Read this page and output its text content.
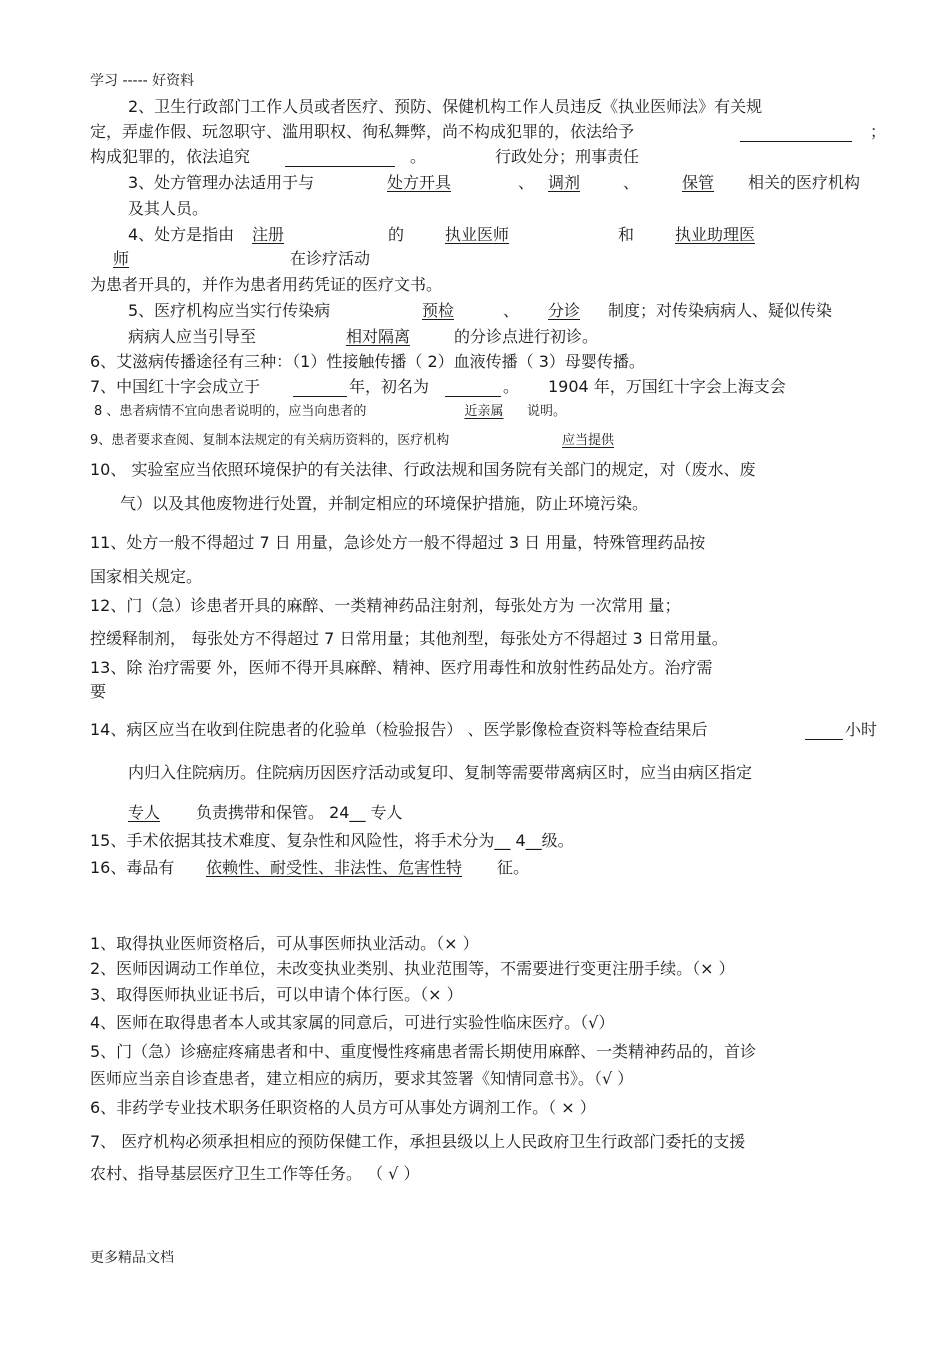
学习 ----- 好资料
2、卫生行政部门工作人员或者医疗、预防、保健机构工作人员违反《执业医师法》有关规
定，弄虚作假、玩忽职守、滥用职权、徇私舞弊，尚不构成犯罪的，依法给予	；
构成犯罪的，依法追究	。	行政处分；刑事责任
3、处方管理办法适用于与	处方开具	、 调剂	、	保管	相关的医疗机构
及其人员。
4、处方是指由 注册	的	执业医师	和	执业助理医
师	在诊疗活动
为患者开具的，并作为患者用药凭证的医疗文书。
5、医疗机构应当实行传染病	预检	、	分诊	制度；对传染病病人、疑似传染
病病人应当引导至	相对隔离	的分诊点进行初诊。
6、艾滋病传播途径有三种：（1）性接触传播（ 2）血液传播（ 3）母婴传播。
7、中国红十字会成立于	年，初名为	。 1904 年，万国红十字会上海支会
8 、患者病情不宜向患者说明的，应当向患者的	近亲属	说明。
9、患者要求查阅、复制本法规定的有关病历资料的，医疗机构	应当提供
10、 实验室应当依照环境保护的有关法律、行政法规和国务院有关部门的规定，对（废水、废
气）以及其他废物进行处置，并制定相应的环境保护措施，防止环境污染。
11、处方一般不得超过 7 日 用量，急诊处方一般不得超过 3 日 用量，特殊管理药品按
国家相关规定。
12、门（急）诊患者开具的麻醉、一类精神药品注射剂，每张处方为 一次常用 量；
控缓释制剂， 每张处方不得超过 7 日常用量；其他剂型，每张处方不得超过 3 日常用量。
13、除 治疗需要 外，医师不得开具麻醉、精神、医疗用毒性和放射性药品处方。治疗需
要
14、病区应当在收到住院患者的化验单（检验报告） 、医学影像检查资料等检查结果后	小时
内归入住院病历。住院病历因医疗活动或复印、复制等需要带离病区时，应当由病区指定
专人	负责携带和保管。 24__ 专人
15、手术依据其技术难度、复杂性和风险性，将手术分为__ 4__级。
16、毒品有 依赖性、耐受性、非法性、危害性特 征。
1、取得执业医师资格后，可从事医师执业活动。（× ）
2、医师因调动工作单位，未改变执业类别、执业范围等，不需要进行变更注册手续。（× ）
3、取得医师执业证书后，可以申请个体行医。（× ）
4、医师在取得患者本人或其家属的同意后，可进行实验性临床医疗。（√）
5、门（急）诊癌症疼痛患者和中、重度慢性疼痛患者需长期使用麻醉、一类精神药品的，首诊
医师应当亲自诊查患者，建立相应的病历，要求其签署《知情同意书》。（√ ）
6、非药学专业技术职务任职资格的人员方可从事处方调剂工作。（ × ）
7、 医疗机构必须承担相应的预防保健工作，承担县级以上人民政府卫生行政部门委托的支援
农村、指导基层医疗卫生工作等任务。 （ √ ）
更多精品文档
